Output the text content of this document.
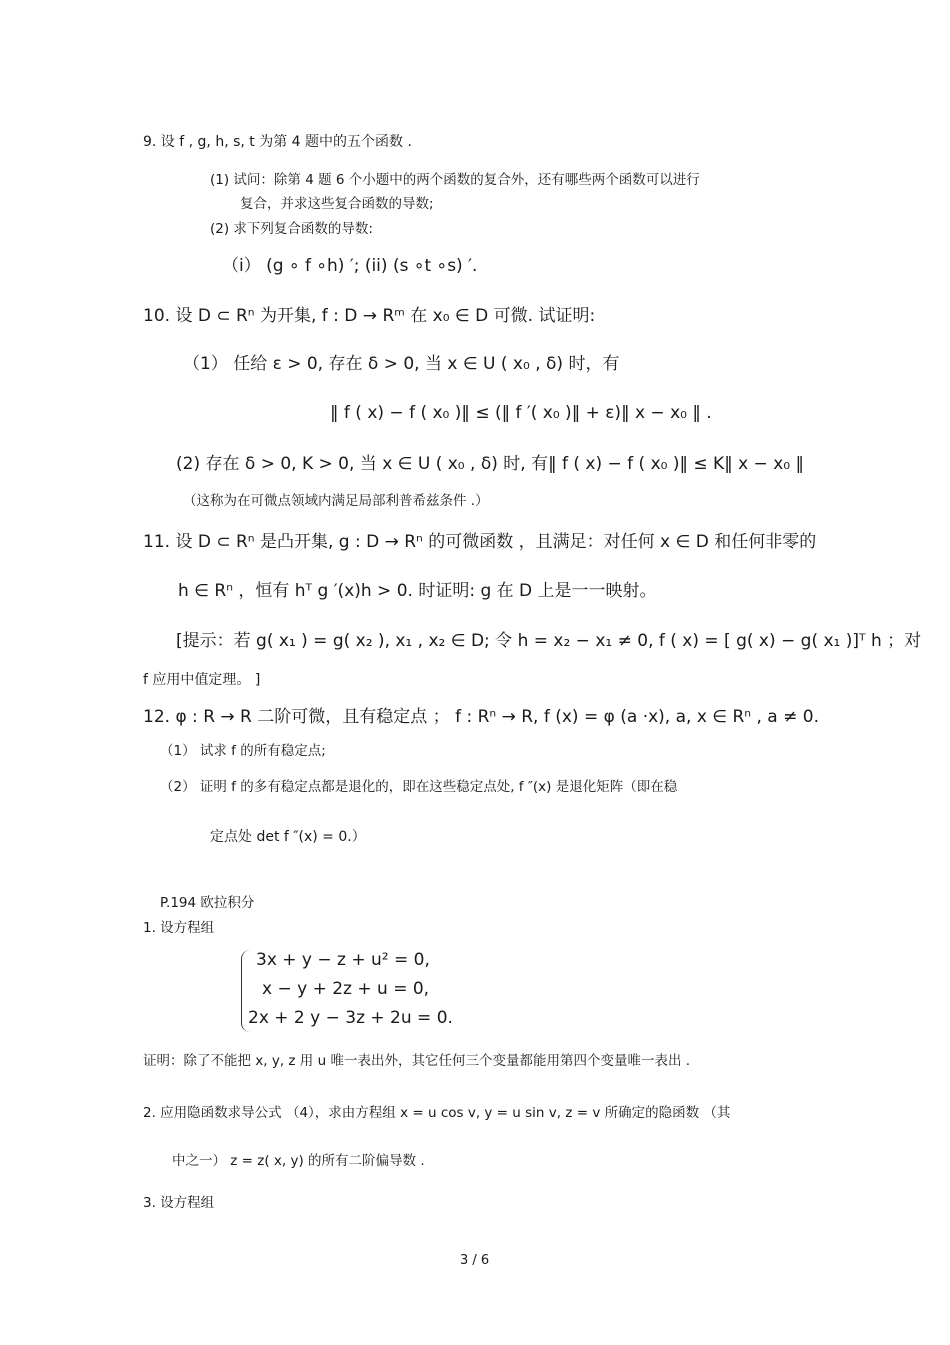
9. 设 f , g, h, s, t 为第 4 题中的五个函数 .
(1) 试问：除第 4 题 6 个小题中的两个函数的复合外，还有哪些两个函数可以进行
复合，并求这些复合函数的导数;
(2) 求下列复合函数的导数:
（i） (g ∘ f ∘h) ′; (ii) (s ∘t ∘s) ′.
10. 设 D ⊂ Rⁿ 为开集, f : D → Rᵐ 在 x₀ ∈ D 可微. 试证明:
（1） 任给 ε > 0, 存在 δ > 0, 当 x ∈ U ( x₀ , δ) 时，有
‖ f ( x) − f ( x₀ )‖ ≤ (‖ f ′( x₀ )‖ + ε)‖ x − x₀ ‖ .
(2) 存在 δ > 0, K > 0, 当 x ∈ U ( x₀ , δ) 时, 有‖ f ( x) − f ( x₀ )‖ ≤ K‖ x − x₀ ‖
（这称为在可微点领域内满足局部利普希兹条件 .）
11. 设 D ⊂ Rⁿ 是凸开集, g : D → Rⁿ 的可微函数 ，且满足：对任何 x ∈ D 和任何非零的
h ∈ Rⁿ ，恒有 hᵀ g ′(x)h > 0. 时证明: g 在 D 上是一一映射。
[提示：若 g( x₁ ) = g( x₂ ), x₁ , x₂ ∈ D; 令 h = x₂ − x₁ ≠ 0, f ( x) = [ g( x) − g( x₁ )]ᵀ h ；对
f 应用中值定理。 ]
12. φ : R → R 二阶可微，且有稳定点 ； f : Rⁿ → R, f (x) = φ (a ·x), a, x ∈ Rⁿ , a ≠ 0.
（1） 试求 f 的所有稳定点;
（2） 证明 f 的多有稳定点都是退化的，即在这些稳定点处, f ″(x) 是退化矩阵（即在稳
定点处 det f ″(x) = 0.）
P.194 欧拉积分
1. 设方程组
3x + y − z + u² = 0,
x − y + 2z + u = 0,
2x + 2 y − 3z + 2u = 0.
证明：除了不能把 x, y, z 用 u 唯一表出外，其它任何三个变量都能用第四个变量唯一表出 .
2. 应用隐函数求导公式 （4），求由方程组 x = u cos v, y = u sin v, z = v 所确定的隐函数 （其
中之一） z = z( x, y) 的所有二阶偏导数 .
3. 设方程组
3 / 6
